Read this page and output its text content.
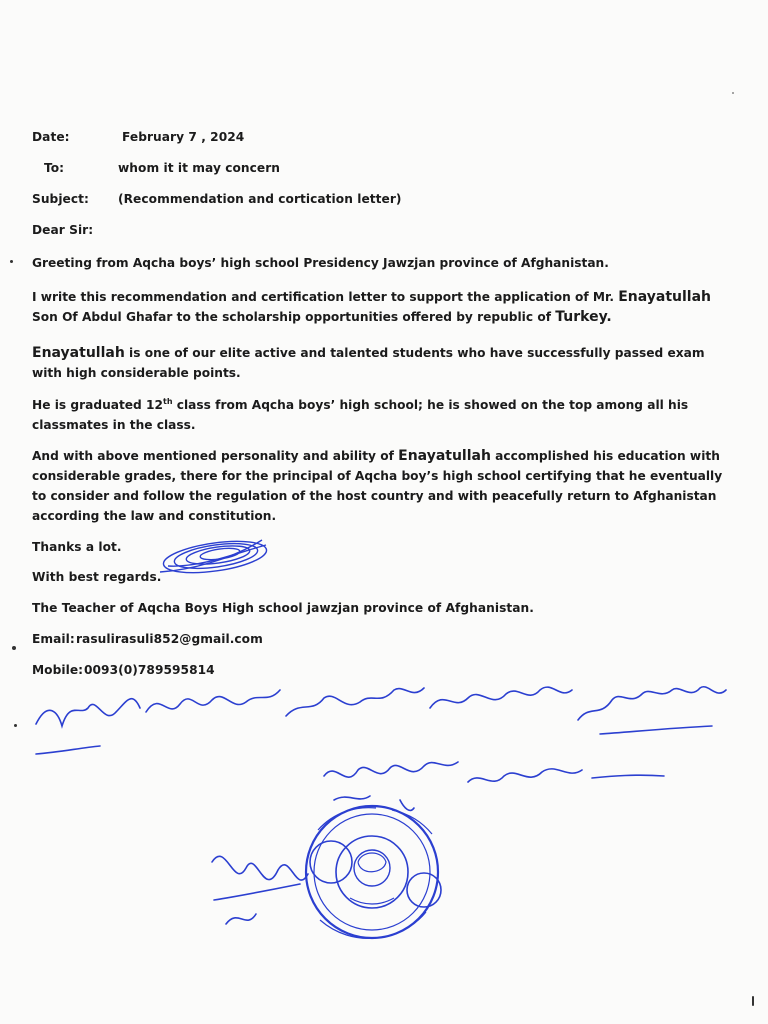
Date:	February 7 , 2024
To:	whom it it may concern
Subject: (Recommendation and cortication letter)
Dear Sir:
Greeting from Aqcha boys’ high school Presidency Jawzjan province of Afghanistan.
I write this recommendation and certification letter to support the application of Mr. Enayatullah Son Of Abdul Ghafar to the scholarship opportunities offered by republic of Turkey.
Enayatullah is one of our elite active and talented students who have successfully passed exam with high considerable points.
He is graduated 12th class from Aqcha boys’ high school; he is showed on the top among all his classmates in the class.
And with above mentioned personality and ability of Enayatullah accomplished his education with considerable grades, there for the principal of Aqcha boy’s high school certifying that he eventually to consider and follow the regulation of the host country and with peacefully return to Afghanistan according the law and constitution.
Thanks a lot.
With best regards.
The Teacher of Aqcha Boys High school jawzjan province of Afghanistan.
Email: rasulirasuli852@gmail.com
Mobile: 0093(0)789595814
